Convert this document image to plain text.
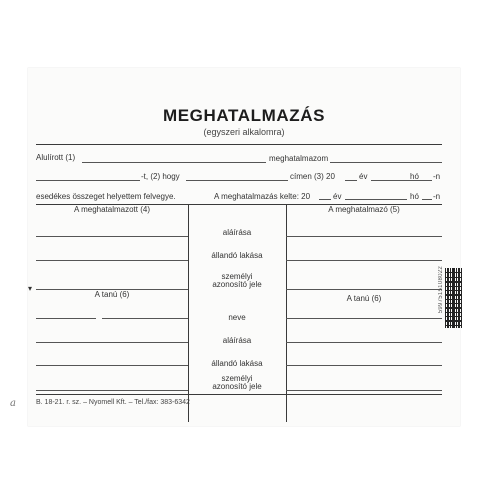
MEGHATALMAZÁS
(egyszeri alkalomra)
Alulírott (1)	meghatalmazom
-t, (2) hogy	címen (3) 20	év	hó -n
esedékes összeget helyettem felvegye.	A meghatalmazás kelte: 20	év	hó -n
A meghatalmazott (4)	A meghatalmazó (5)
aláírása
állandó lakása
személyi
azonosító jele
▾
A tanú (6)	A tanú (6)
neve
aláírása
állandó lakása
személyi
azonosító jele
B. 18-21. r. sz. – Nyomell Kft. – Tel./fax: 383-6342
a
5997515108022
